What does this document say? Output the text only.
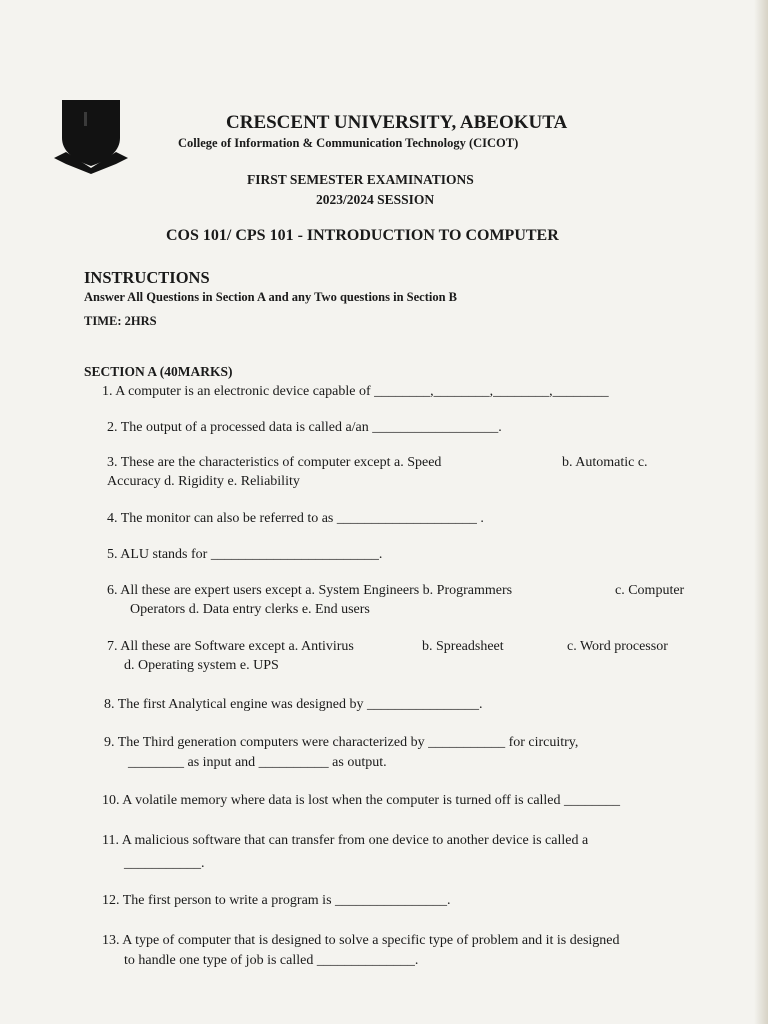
CRESCENT UNIVERSITY, ABEOKUTA
College of Information & Communication Technology (CICOT)
FIRST SEMESTER EXAMINATIONS
2023/2024 SESSION
COS 101/ CPS 101 - INTRODUCTION TO COMPUTER
INSTRUCTIONS
Answer All Questions in Section A and any Two questions in Section B
TIME: 2HRS
SECTION A (40MARKS)
1. A computer is an electronic device capable of ________,________,________,________
2. The output of a processed data is called a/an __________________.
3. These are the characteristics of computer except a. Speed	b. Automatic c.
Accuracy d. Rigidity e. Reliability
4. The monitor can also be referred to as ____________________ .
5. ALU stands for ________________________.
6. All these are expert users except a. System Engineers b. Programmers	c. Computer
Operators d. Data entry clerks e. End users
7. All these are Software except a. Antivirus	b. Spreadsheet	c. Word processor
d. Operating system e. UPS
8. The first Analytical engine was designed by ________________.
9. The Third generation computers were characterized by ___________ for circuitry,
________ as input and __________ as output.
10. A volatile memory where data is lost when the computer is turned off is called ________
11. A malicious software that can transfer from one device to another device is called a
___________.
12. The first person to write a program is ________________.
13. A type of computer that is designed to solve a specific type of problem and it is designed
to handle one type of job is called ______________.
